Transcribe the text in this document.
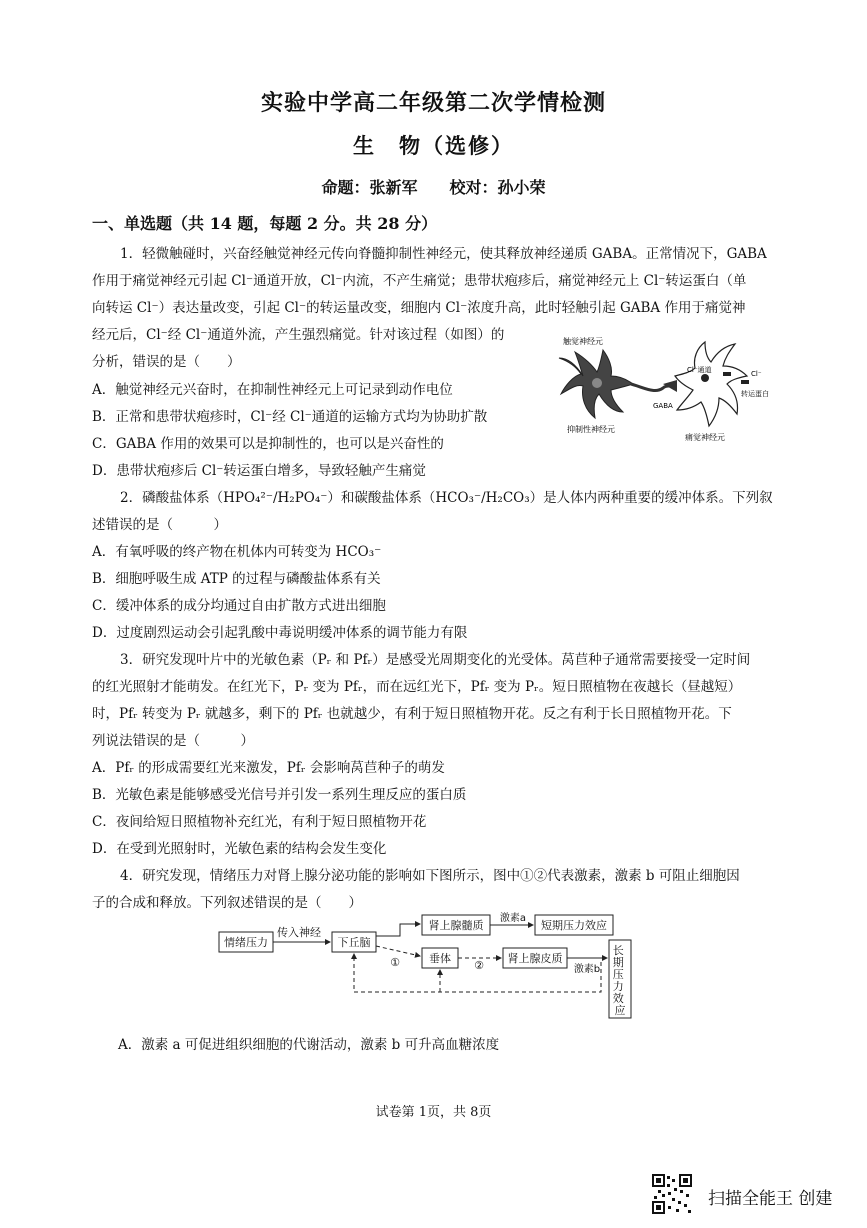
实验中学高二年级第二次学情检测
生　物（选修）
命题：张新军　　校对：孙小荣
一、单选题（共 14 题，每题 2 分。共 28 分）
1．轻微触碰时，兴奋经触觉神经元传向脊髓抑制性神经元，使其释放神经递质 GABA。正常情况下，GABA
作用于痛觉神经元引起 Cl⁻通道开放，Cl⁻内流，不产生痛觉；患带状疱疹后，痛觉神经元上 Cl⁻转运蛋白（单
向转运 Cl⁻）表达量改变，引起 Cl⁻的转运量改变，细胞内 Cl⁻浓度升高，此时轻触引起 GABA 作用于痛觉神
经元后，Cl⁻经 Cl⁻通道外流，产生强烈痛觉。针对该过程（如图）的
分析，错误的是（　　）
A．触觉神经元兴奋时，在抑制性神经元上可记录到动作电位
B．正常和患带状疱疹时，Cl⁻经 Cl⁻通道的运输方式均为协助扩散
C．GABA 作用的效果可以是抑制性的，也可以是兴奋性的
D．患带状疱疹后 Cl⁻转运蛋白增多，导致轻触产生痛觉
触觉神经元
抑制性神经元
痛觉神经元
Cl⁻通道	Cl⁻
转运蛋白
GABA
2．磷酸盐体系（HPO₄²⁻/H₂PO₄⁻）和碳酸盐体系（HCO₃⁻/H₂CO₃）是人体内两种重要的缓冲体系。下列叙
述错误的是（　　　）
A．有氧呼吸的终产物在机体内可转变为 HCO₃⁻
B．细胞呼吸生成 ATP 的过程与磷酸盐体系有关
C．缓冲体系的成分均通过自由扩散方式进出细胞
D．过度剧烈运动会引起乳酸中毒说明缓冲体系的调节能力有限
3．研究发现叶片中的光敏色素（Pᵣ 和 Pfᵣ）是感受光周期变化的光受体。莴苣种子通常需要接受一定时间
的红光照射才能萌发。在红光下，Pᵣ 变为 Pfᵣ，而在远红光下，Pfᵣ 变为 Pᵣ。短日照植物在夜越长（昼越短）
时，Pfᵣ 转变为 Pᵣ 就越多，剩下的 Pfᵣ 也就越少，有利于短日照植物开花。反之有利于长日照植物开花。下
列说法错误的是（　　　）
A．Pfᵣ 的形成需要红光来激发，Pfᵣ 会影响莴苣种子的萌发
B．光敏色素是能够感受光信号并引发一系列生理反应的蛋白质
C．夜间给短日照植物补充红光，有利于短日照植物开花
D．在受到光照射时，光敏色素的结构会发生变化
4．研究发现，情绪压力对肾上腺分泌功能的影响如下图所示，图中①②代表激素，激素 b 可阻止细胞因
子的合成和释放。下列叙述错误的是（　　）
情绪压力
传入神经
下丘脑
肾上腺髓质
激素a
短期压力效应
①	垂体
②
肾上腺皮质
激素b
长 期 压 力 效 应
A．激素 a 可促进组织细胞的代谢活动，激素 b 可升高血糖浓度
试卷第 1页，共 8页
扫描全能王 创建
